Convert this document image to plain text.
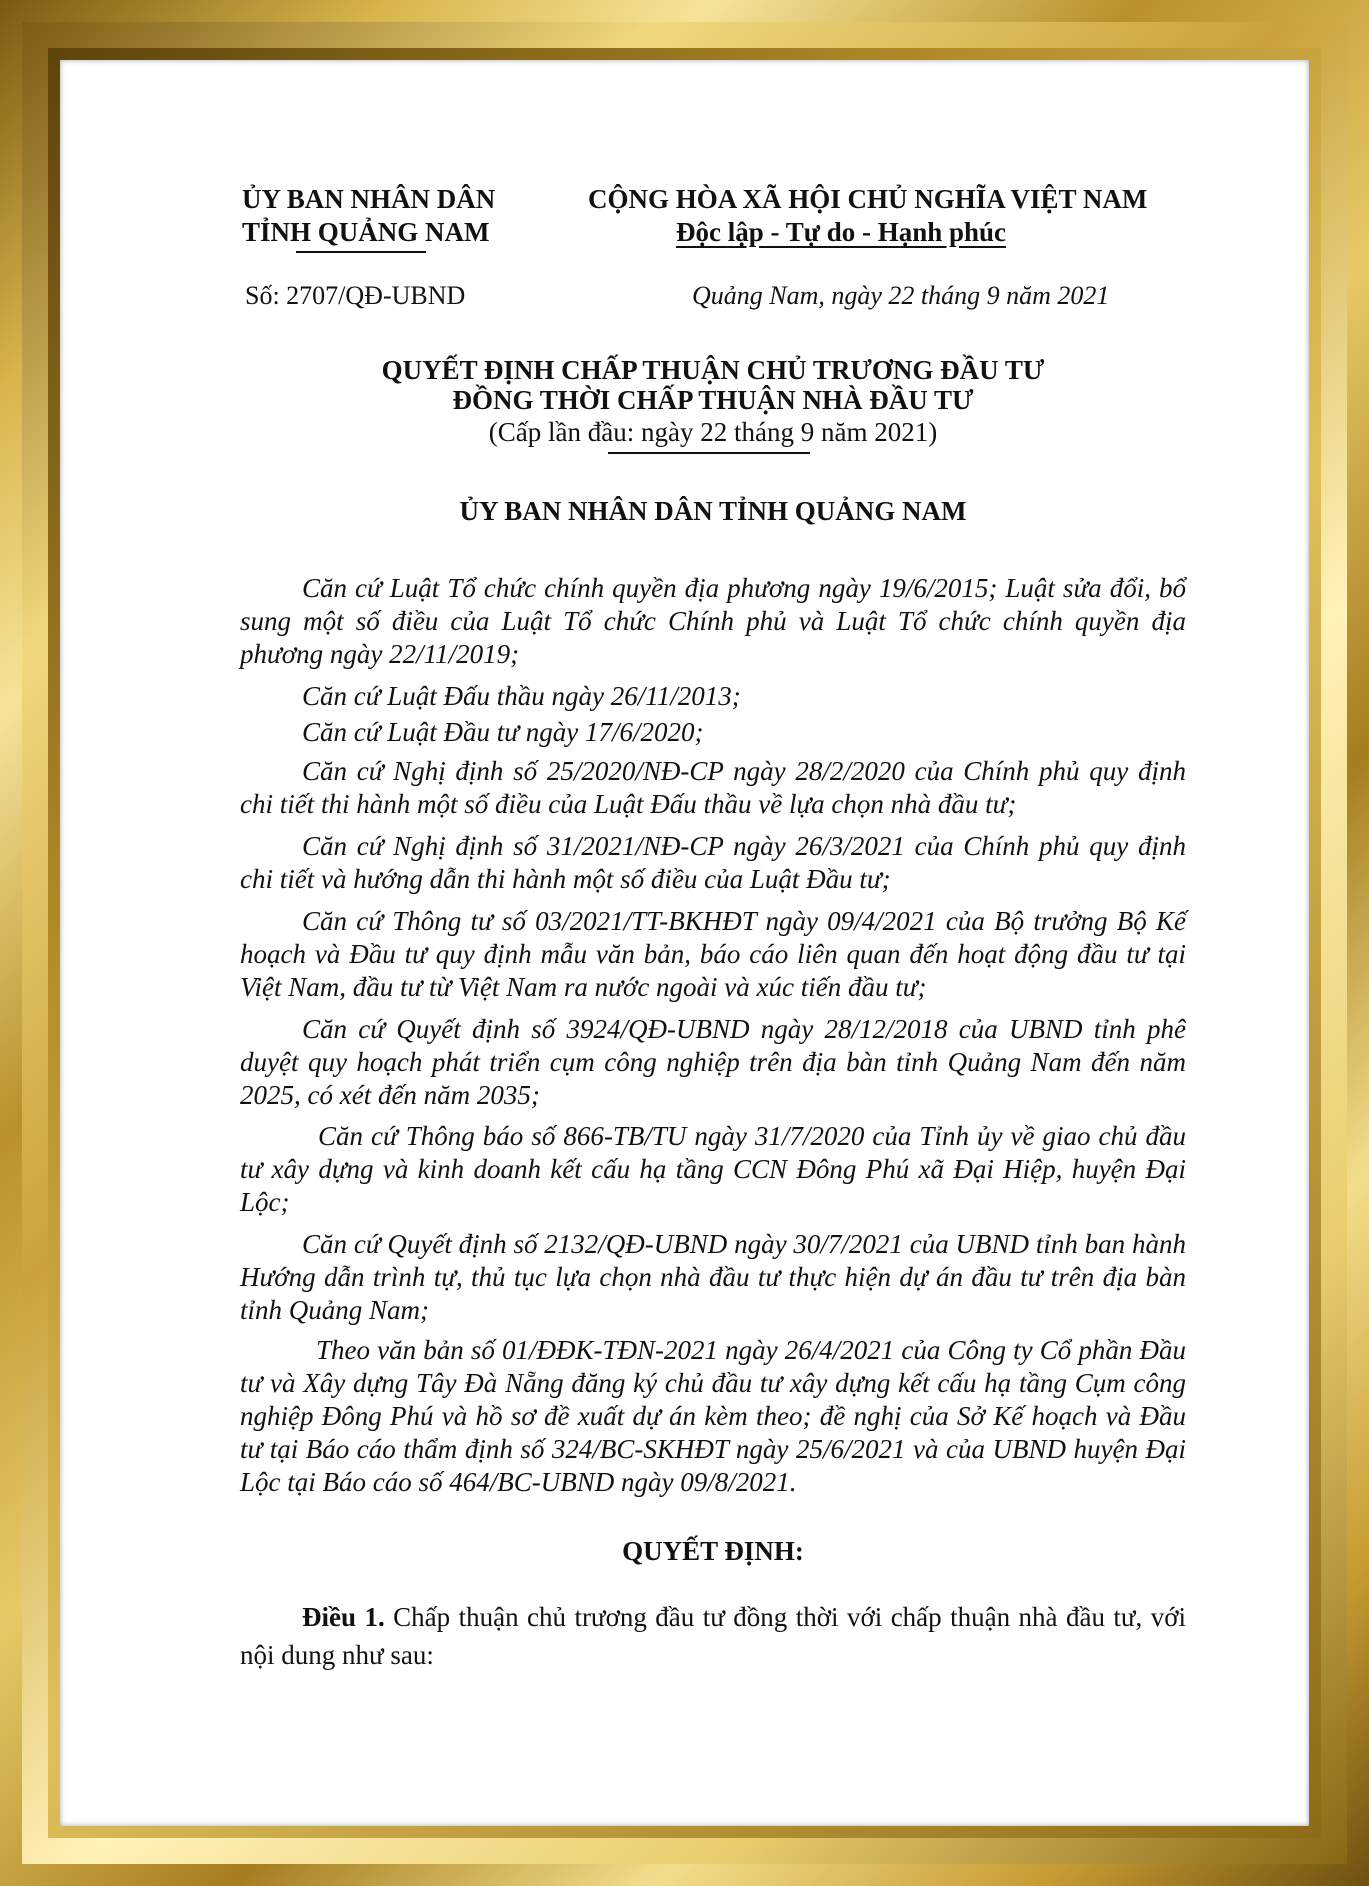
ỦY BAN NHÂN DÂN
TỈNH QUẢNG NAM
CỘNG HÒA XÃ HỘI CHỦ NGHĨA VIỆT NAM
Độc lập - Tự do - Hạnh phúc
Số: 2707/QĐ-UBND	Quảng Nam, ngày 22 tháng 9 năm 2021
QUYẾT ĐỊNH CHẤP THUẬN CHỦ TRƯƠNG ĐẦU TƯ
ĐỒNG THỜI CHẤP THUẬN NHÀ ĐẦU TƯ
(Cấp lần đầu: ngày 22 tháng 9 năm 2021)
ỦY BAN NHÂN DÂN TỈNH QUẢNG NAM
Căn cứ Luật Tổ chức chính quyền địa phương ngày 19/6/2015; Luật sửa đổi, bổ sung một số điều của Luật Tổ chức Chính phủ và Luật Tổ chức chính quyền địa phương ngày 22/11/2019;
Căn cứ Luật Đấu thầu ngày 26/11/2013;
Căn cứ Luật Đầu tư ngày 17/6/2020;
Căn cứ Nghị định số 25/2020/NĐ-CP ngày 28/2/2020 của Chính phủ quy định chi tiết thi hành một số điều của Luật Đấu thầu về lựa chọn nhà đầu tư;
Căn cứ Nghị định số 31/2021/NĐ-CP ngày 26/3/2021 của Chính phủ quy định chi tiết và hướng dẫn thi hành một số điều của Luật Đầu tư;
Căn cứ Thông tư số 03/2021/TT-BKHĐT ngày 09/4/2021 của Bộ trưởng Bộ Kế hoạch và Đầu tư quy định mẫu văn bản, báo cáo liên quan đến hoạt động đầu tư tại Việt Nam, đầu tư từ Việt Nam ra nước ngoài và xúc tiến đầu tư;
Căn cứ Quyết định số 3924/QĐ-UBND ngày 28/12/2018 của UBND tỉnh phê duyệt quy hoạch phát triển cụm công nghiệp trên địa bàn tỉnh Quảng Nam đến năm 2025, có xét đến năm 2035;
Căn cứ Thông báo số 866-TB/TU ngày 31/7/2020 của Tỉnh ủy về giao chủ đầu tư xây dựng và kinh doanh kết cấu hạ tầng CCN Đông Phú xã Đại Hiệp, huyện Đại Lộc;
Căn cứ Quyết định số 2132/QĐ-UBND ngày 30/7/2021 của UBND tỉnh ban hành Hướng dẫn trình tự, thủ tục lựa chọn nhà đầu tư thực hiện dự án đầu tư trên địa bàn tỉnh Quảng Nam;
Theo văn bản số 01/ĐĐK-TĐN-2021 ngày 26/4/2021 của Công ty Cổ phần Đầu tư và Xây dựng Tây Đà Nẵng đăng ký chủ đầu tư xây dựng kết cấu hạ tầng Cụm công nghiệp Đông Phú và hồ sơ đề xuất dự án kèm theo; đề nghị của Sở Kế hoạch và Đầu tư tại Báo cáo thẩm định số 324/BC-SKHĐT ngày 25/6/2021 và của UBND huyện Đại Lộc tại Báo cáo số 464/BC-UBND ngày 09/8/2021.
QUYẾT ĐỊNH:
Điều 1. Chấp thuận chủ trương đầu tư đồng thời với chấp thuận nhà đầu tư, với nội dung như sau:
